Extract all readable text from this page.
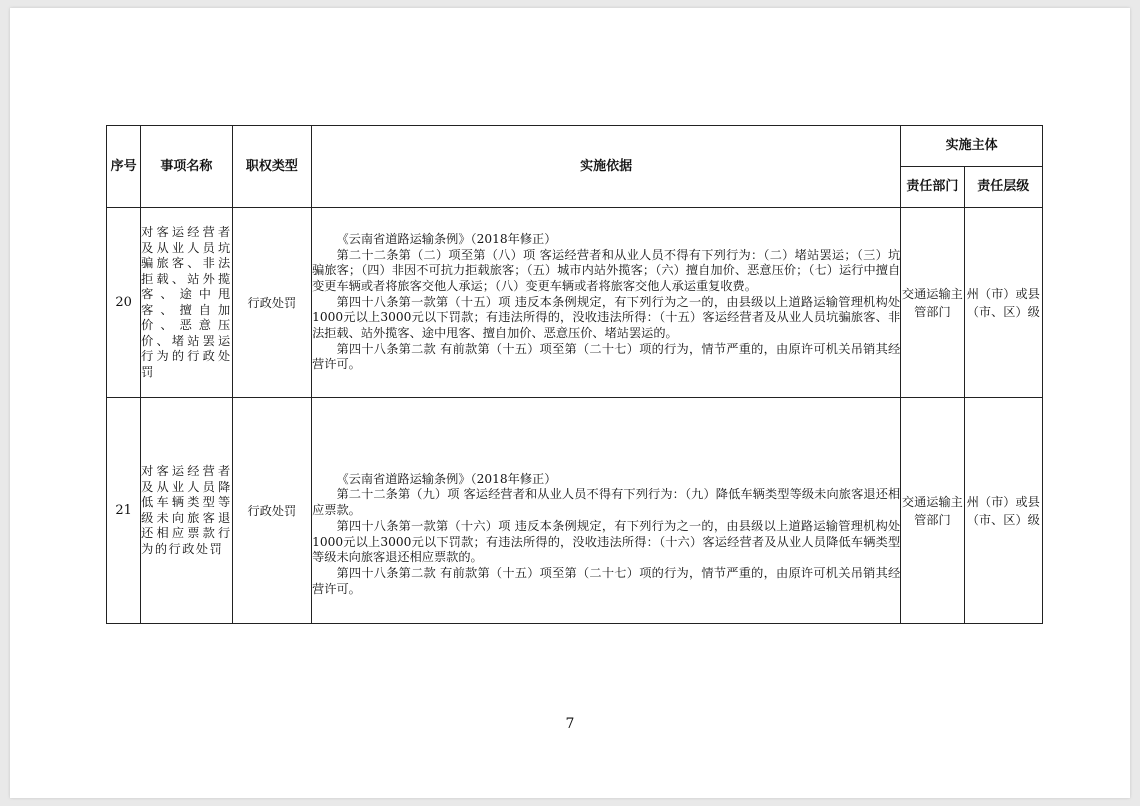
序号	事项名称	职权类型	实施依据	实施主体	
				责任部门	责任层级
20	对客运经营者及从业人员坑骗旅客、非法拒载、站外揽客、途中甩客、擅自加价、恶意压价、堵站罢运行为的行政处罚	行政处罚	《云南省道路运输条例》（2018年修正）

第二十二条第（二）项至第（八）项 客运经营者和从业人员不得有下列行为：（二）堵站罢运；（三）坑骗旅客；（四）非因不可抗力拒载旅客；（五）城市内站外揽客；（六）擅自加价、恶意压价；（七）运行中擅自变更车辆或者将旅客交他人承运；（八）变更车辆或者将旅客交他人承运重复收费。

第四十八条第一款第（十五）项 违反本条例规定，有下列行为之一的，由县级以上道路运输管理机构处1000元以上3000元以下罚款；有违法所得的，没收违法所得：（十五）客运经营者及从业人员坑骗旅客、非法拒载、站外揽客、途中甩客、擅自加价、恶意压价、堵站罢运的。

第四十八条第二款 有前款第（十五）项至第（二十七）项的行为，情节严重的，由原许可机关吊销其经营许可。	交通运输主管部门	州（市）或县（市、区）级
21	对客运经营者及从业人员降低车辆类型等级未向旅客退还相应票款行为的行政处罚	行政处罚	《云南省道路运输条例》（2018年修正）

第二十二条第（九）项 客运经营者和从业人员不得有下列行为：（九）降低车辆类型等级未向旅客退还相应票款。

第四十八条第一款第（十六）项 违反本条例规定，有下列行为之一的，由县级以上道路运输管理机构处1000元以上3000元以下罚款；有违法所得的，没收违法所得：（十六）客运经营者及从业人员降低车辆类型等级未向旅客退还相应票款的。

第四十八条第二款 有前款第（十五）项至第（二十七）项的行为，情节严重的，由原许可机关吊销其经营许可。	交通运输主管部门	州（市）或县（市、区）级
7
